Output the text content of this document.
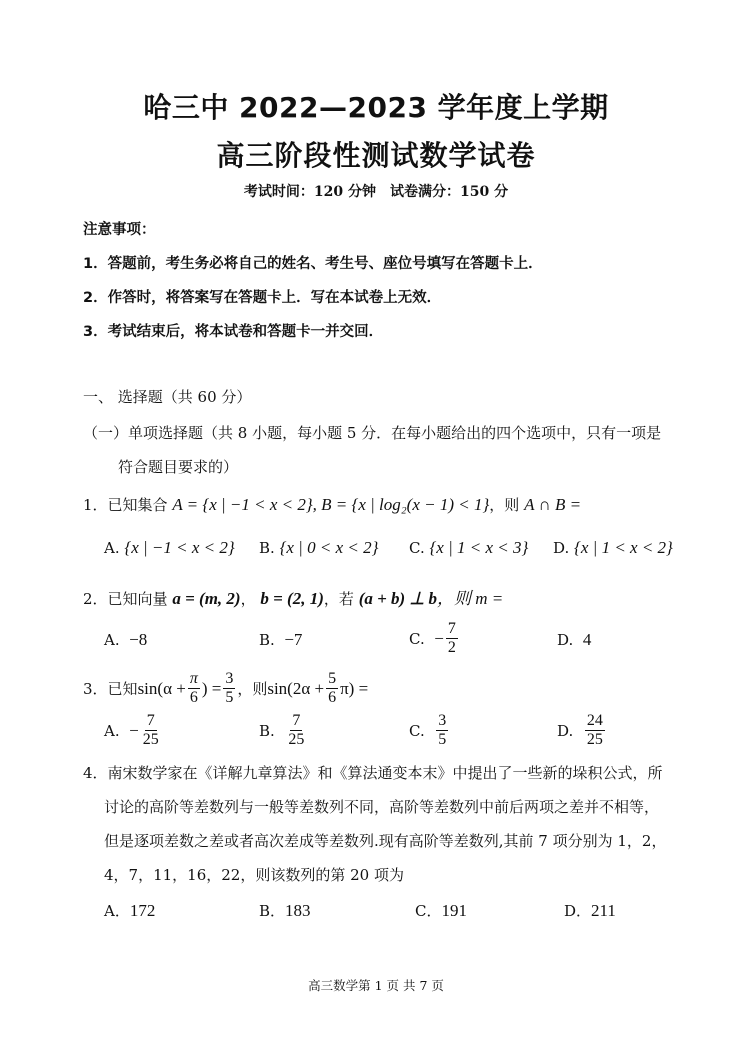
哈三中 2022—2023 学年度上学期
高三阶段性测试数学试卷
考试时间：120 分钟　试卷满分：150 分
注意事项：
1．答题前，考生务必将自己的姓名、考生号、座位号填写在答题卡上．
2．作答时，将答案写在答题卡上．写在本试卷上无效．
3．考试结束后，将本试卷和答题卡一并交回．
一、 选择题（共 60 分）
（一）单项选择题（共 8 小题，每小题 5 分．在每小题给出的四个选项中，只有一项是
符合题目要求的）
1．已知集合 A = {x | −1 < x < 2}, B = {x | log₂(x − 1) < 1}，则 A ∩ B =
A. {x | −1 < x < 2} B. {x | 0 < x < 2} C. {x | 1 < x < 3} D. {x | 1 < x < 2}
2．已知向量 a = (m, 2)， b = (2, 1)，若 (a + b) ⊥ b，则 m =
A. −8	B. −7	C.
− $\frac{7}{2}$	D. 4
3． 已知 $\sin(\alpha + \frac{\pi}{6}$ ) = $\frac{3}{5}$ ，则 $\sin(2\alpha + \frac{5}{6} \pi)$ =
A.
− $\frac{7}{25}$	B.
$\frac{7}{25}$	C.
$\frac{3}{5}$	D.
$\frac{24}{25}$
4．南宋数学家在《详解九章算法》和《算法通变本末》中提出了一些新的垛积公式，所
讨论的高阶等差数列与一般等差数列不同，高阶等差数列中前后两项之差并不相等，
但是逐项差数之差或者高次差成等差数列.现有高阶等差数列,其前 7 项分别为 1，2，
4，7，11，16，22，则该数列的第 20 项为
A．172	B．183	C．191	D．211
高三数学第 1 页 共 7 页
